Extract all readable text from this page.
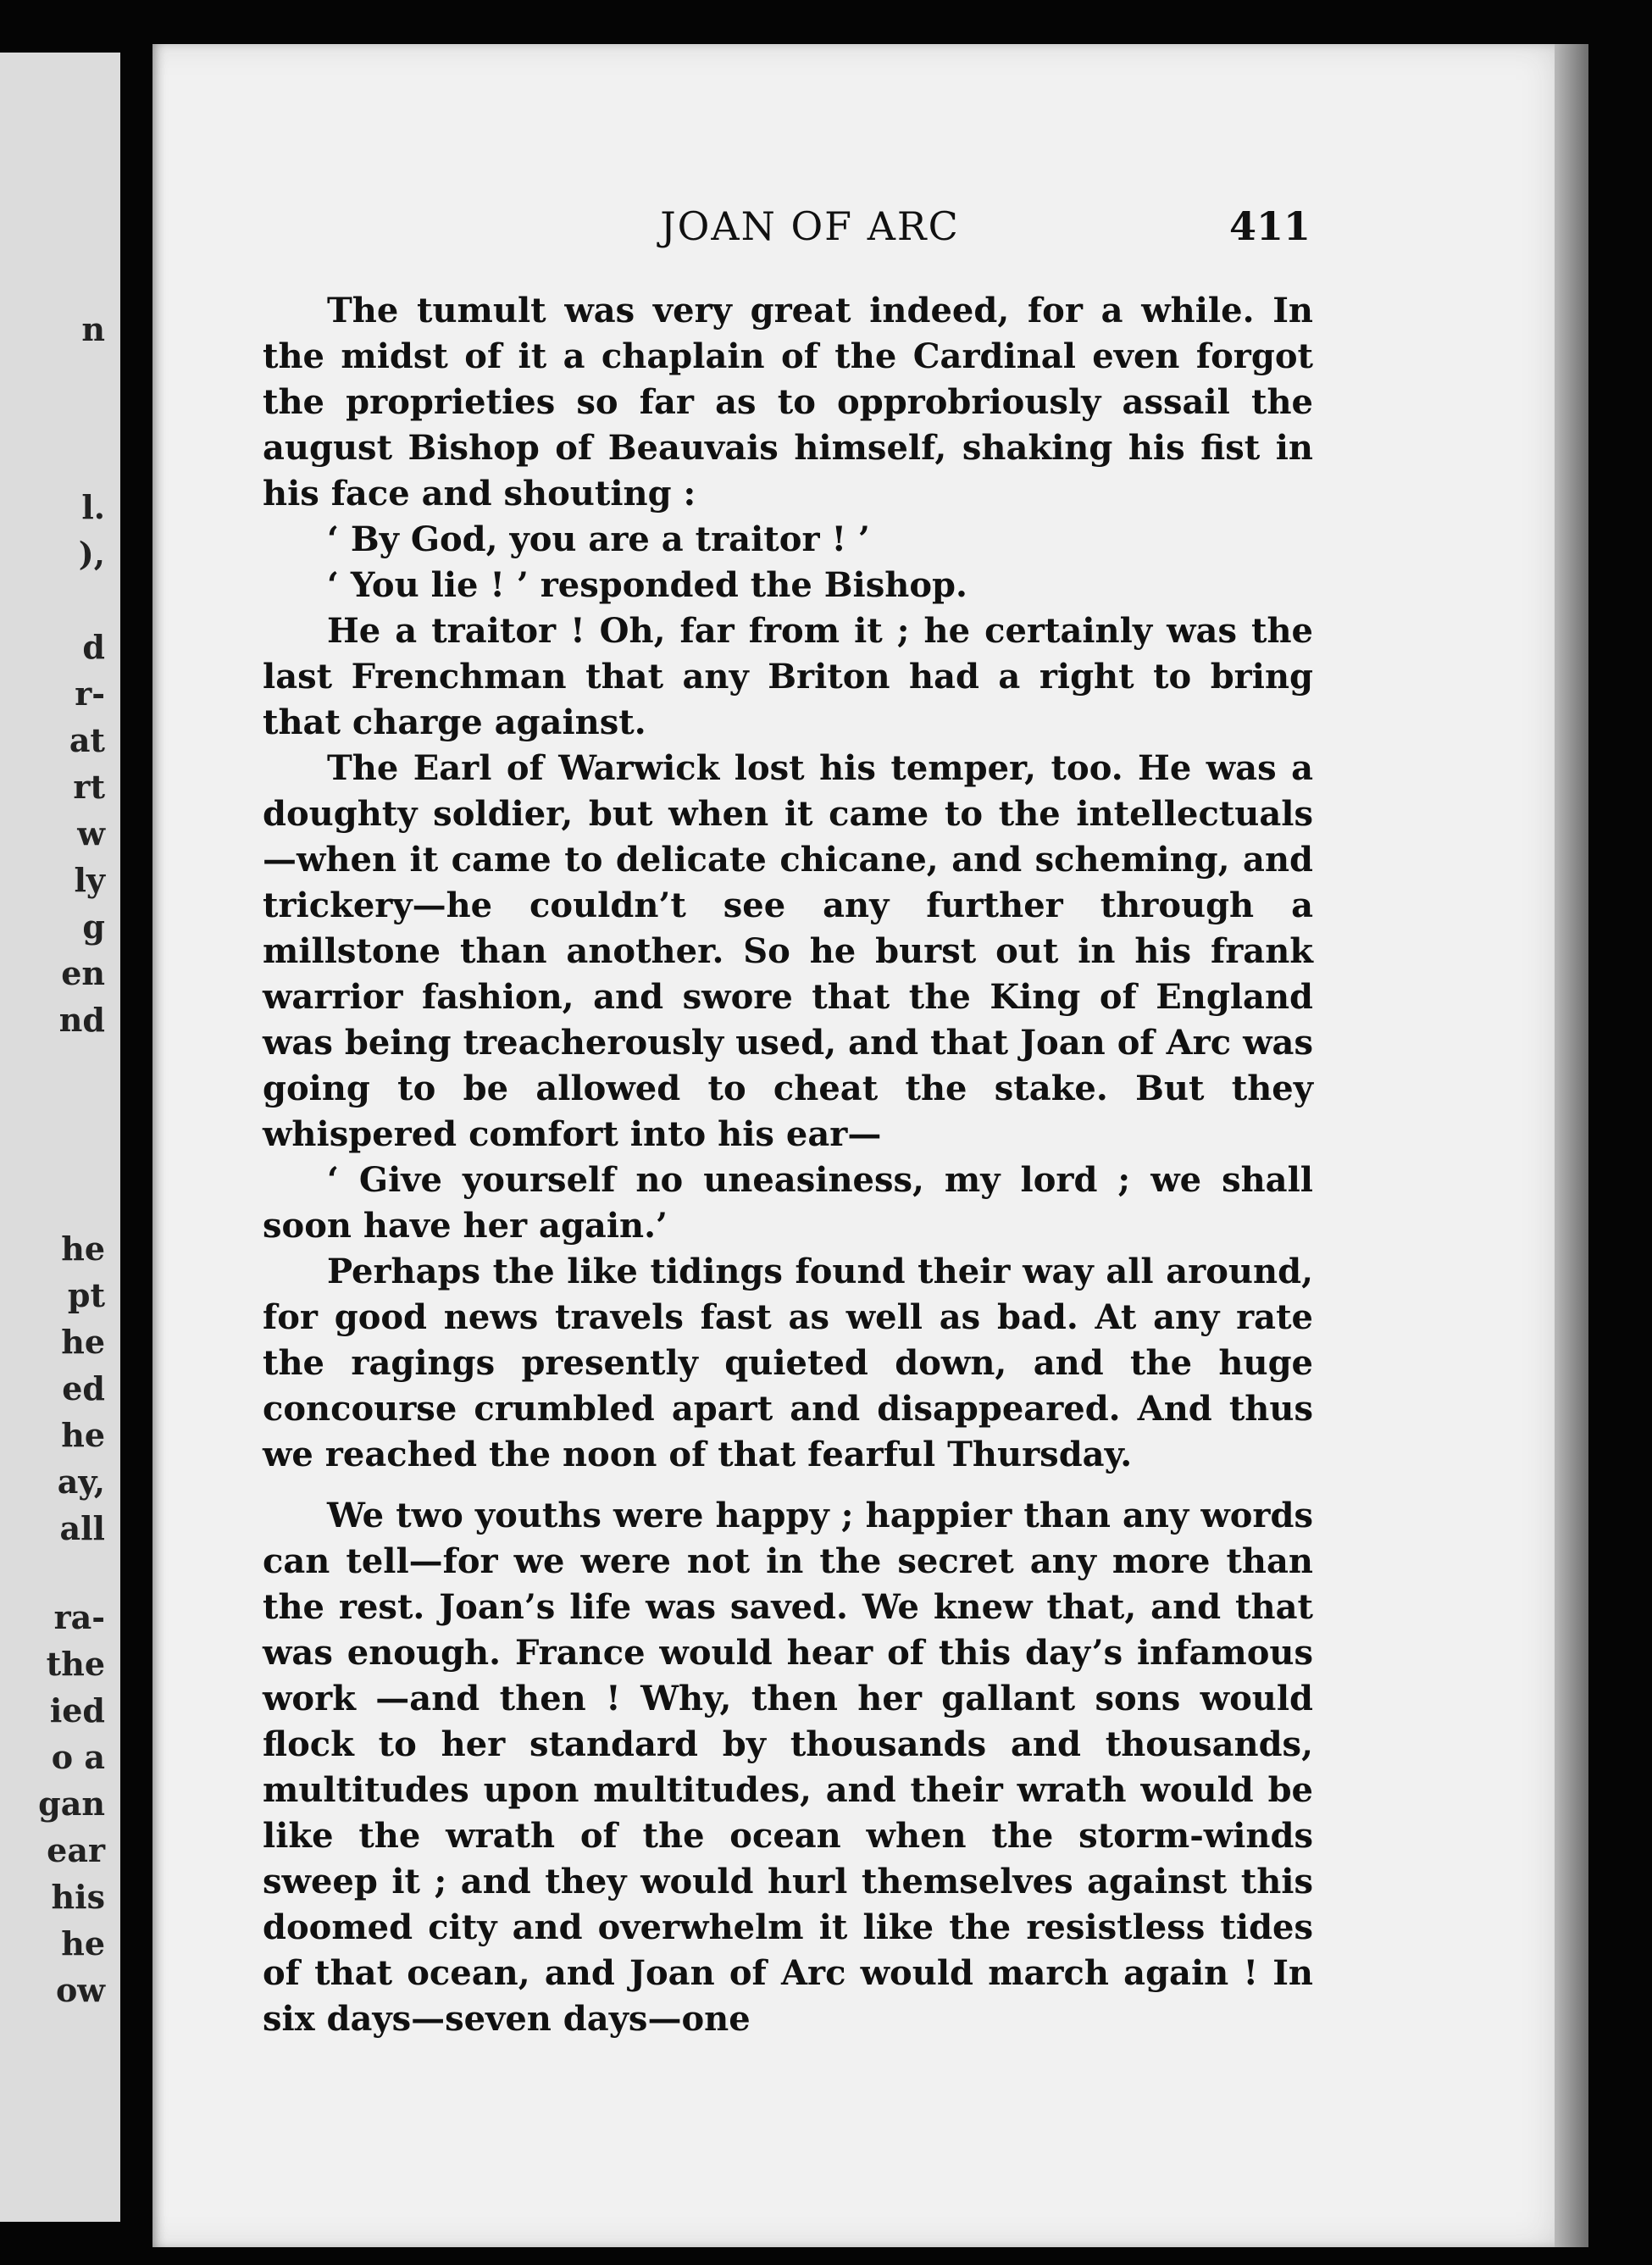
n
l.
),
d
r-
at
rt
w
ly
g
en
nd
he
pt
he
ed
he
ay,
all
ra-
the
ied
o a
gan
ear
his
he
ow
JOAN OF ARC	411

The tumult was very great indeed, for a while. In the midst of it a chaplain of the Cardinal even forgot the proprieties so far as to opprobriously assail the august Bishop of Beauvais himself, shaking his fist in his face and shouting :

‘ By God, you are a traitor ! ’

‘ You lie ! ’ responded the Bishop.

He a traitor ! Oh, far from it ; he certainly was the last Frenchman that any Briton had a right to bring that charge against.

The Earl of Warwick lost his temper, too. He was a doughty soldier, but when it came to the intellectuals—when it came to delicate chicane, and scheming, and trickery—he couldn’t see any further through a millstone than another. So he burst out in his frank warrior fashion, and swore that the King of England was being treacherously used, and that Joan of Arc was going to be allowed to cheat the stake. But they whispered comfort into his ear—

‘ Give yourself no uneasiness, my lord ; we shall soon have her again.’

Perhaps the like tidings found their way all around, for good news travels fast as well as bad. At any rate the ragings presently quieted down, and the huge concourse crumbled apart and disappeared. And thus we reached the noon of that fearful Thursday.

We two youths were happy ; happier than any words can tell—for we were not in the secret any more than the rest. Joan’s life was saved. We knew that, and that was enough. France would hear of this day’s infamous work —and then ! Why, then her gallant sons would flock to her standard by thousands and thousands, multitudes upon multitudes, and their wrath would be like the wrath of the ocean when the storm-winds sweep it ; and they would hurl themselves against this doomed city and overwhelm it like the resistless tides of that ocean, and Joan of Arc would march again ! In six days—seven days—one
